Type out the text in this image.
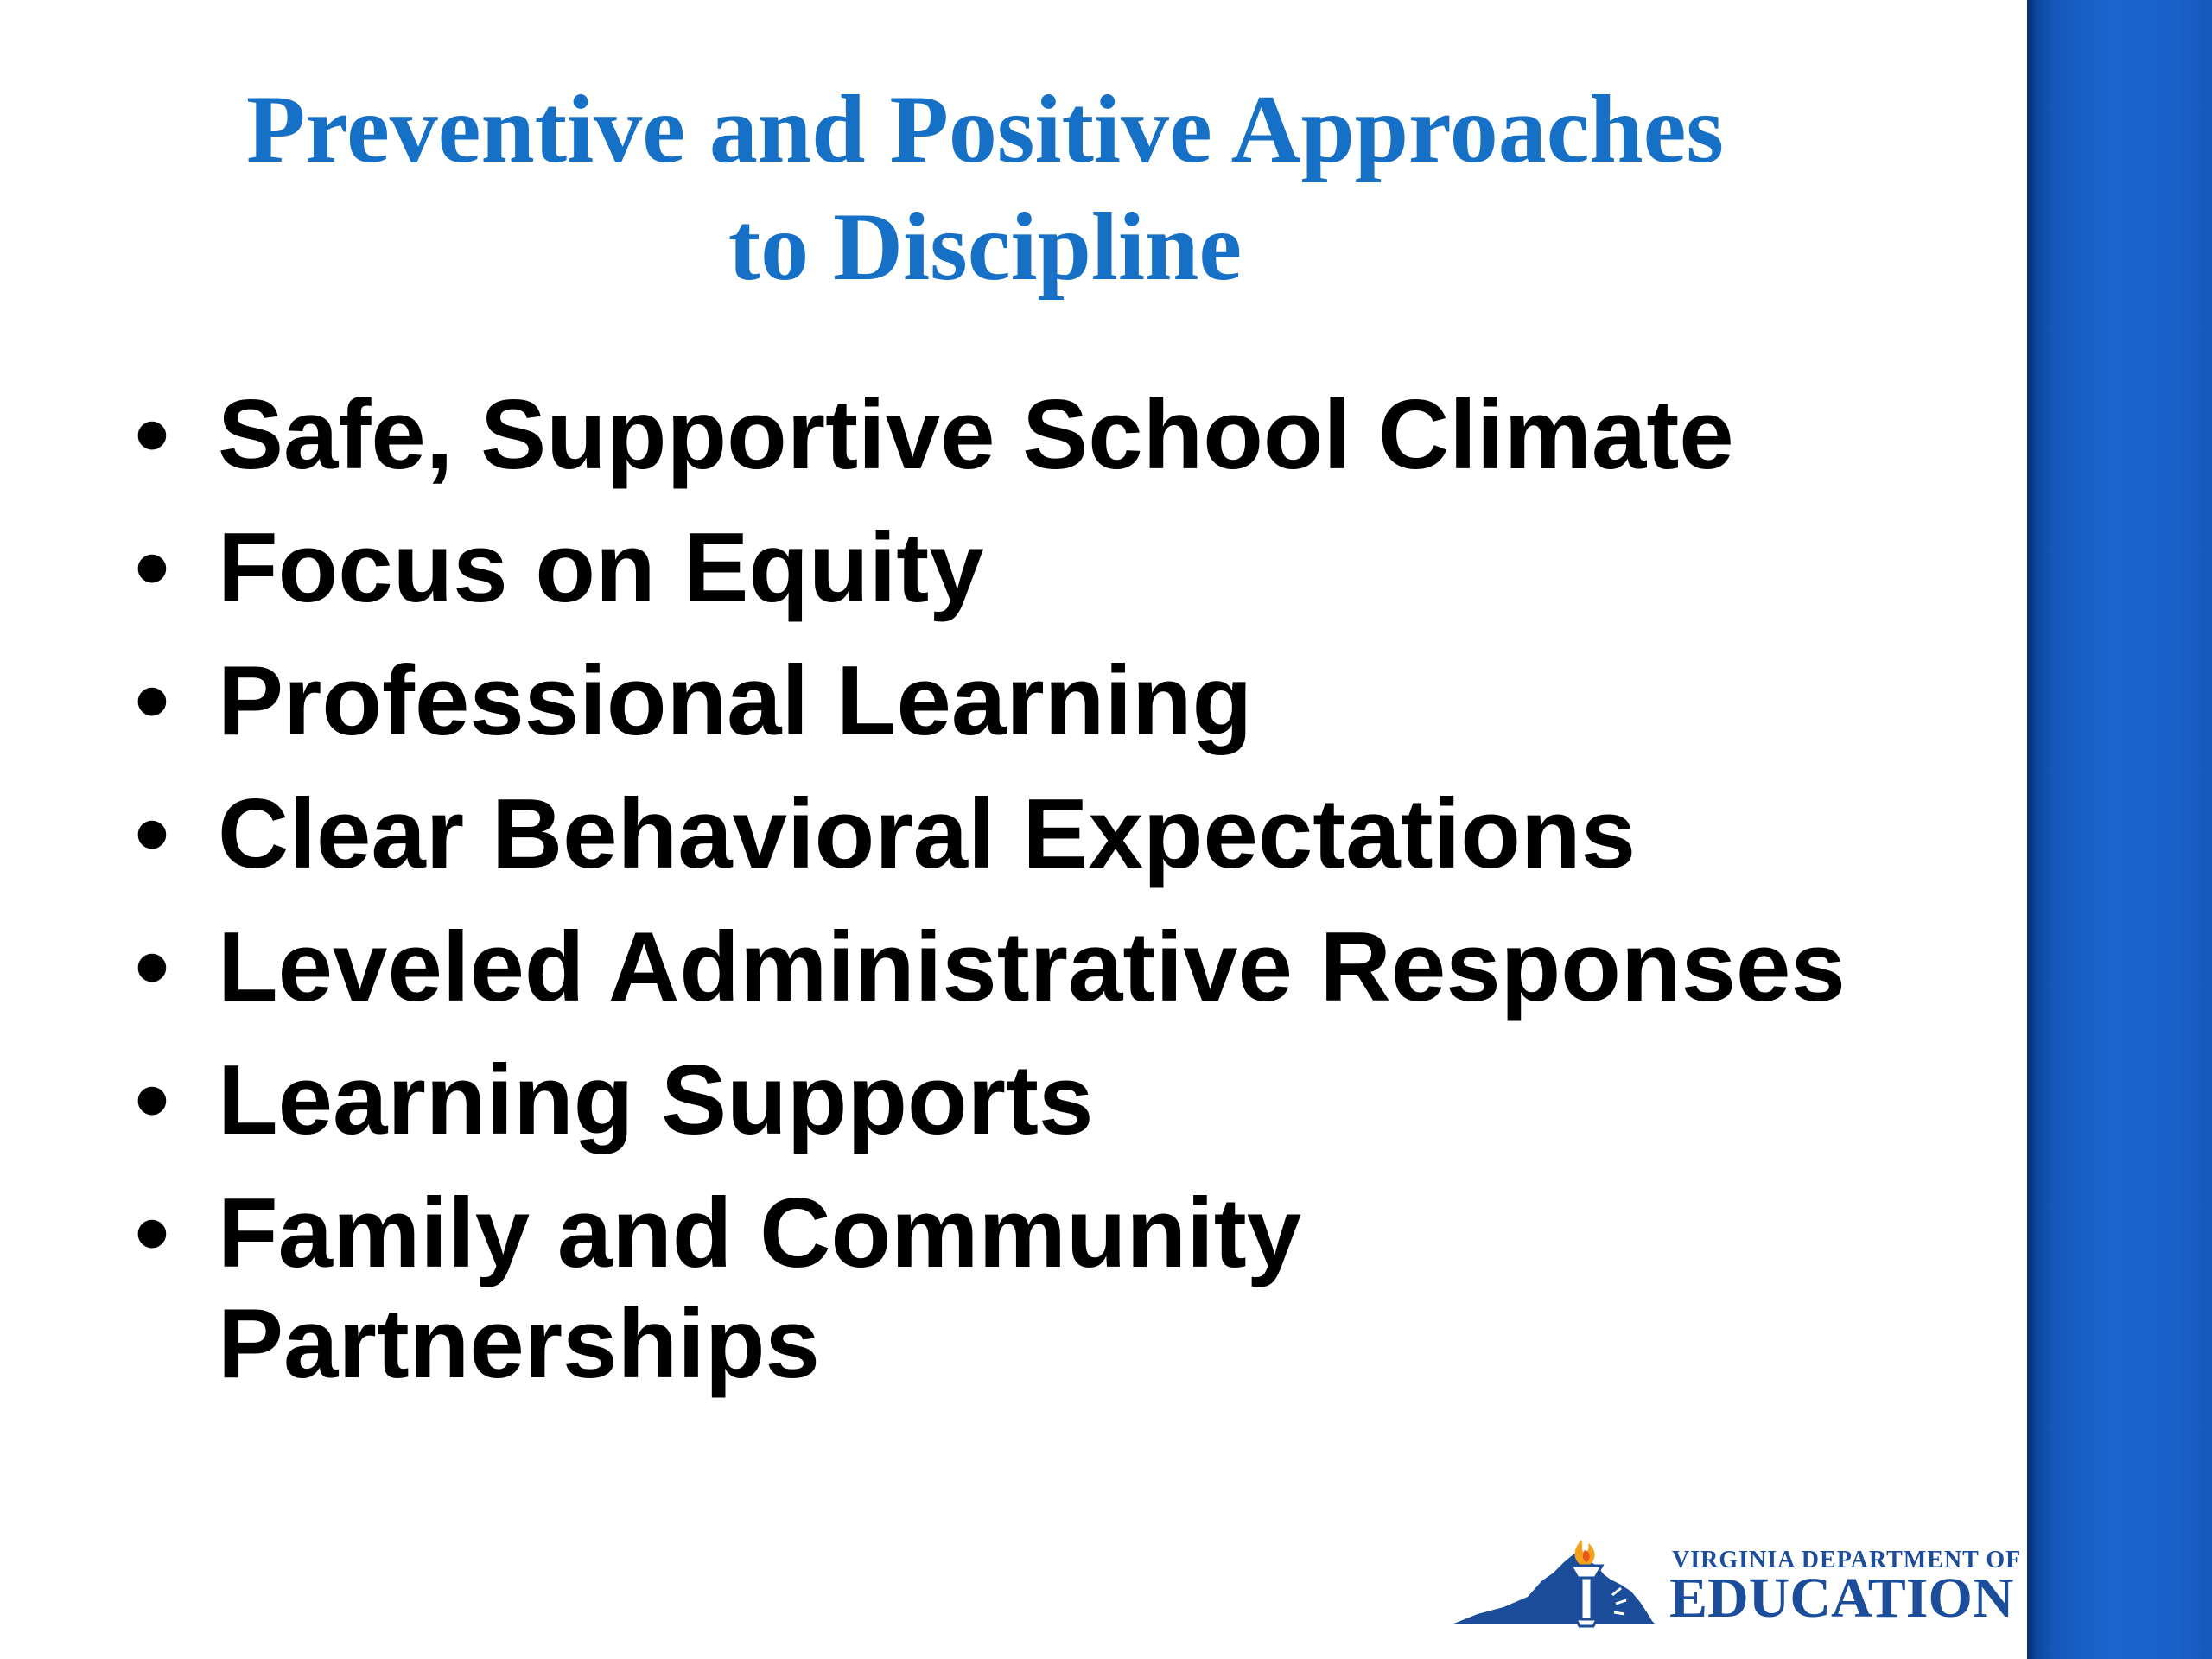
Preventive and Positive Approaches
to Discipline
• Safe, Supportive School Climate
• Focus on Equity
• Professional Learning
• Clear Behavioral Expectations
• Leveled Administrative Responses
• Learning Supports
• Family and Community Partnerships
VIRGINIA DEPARTMENT OF
EDUCATION
